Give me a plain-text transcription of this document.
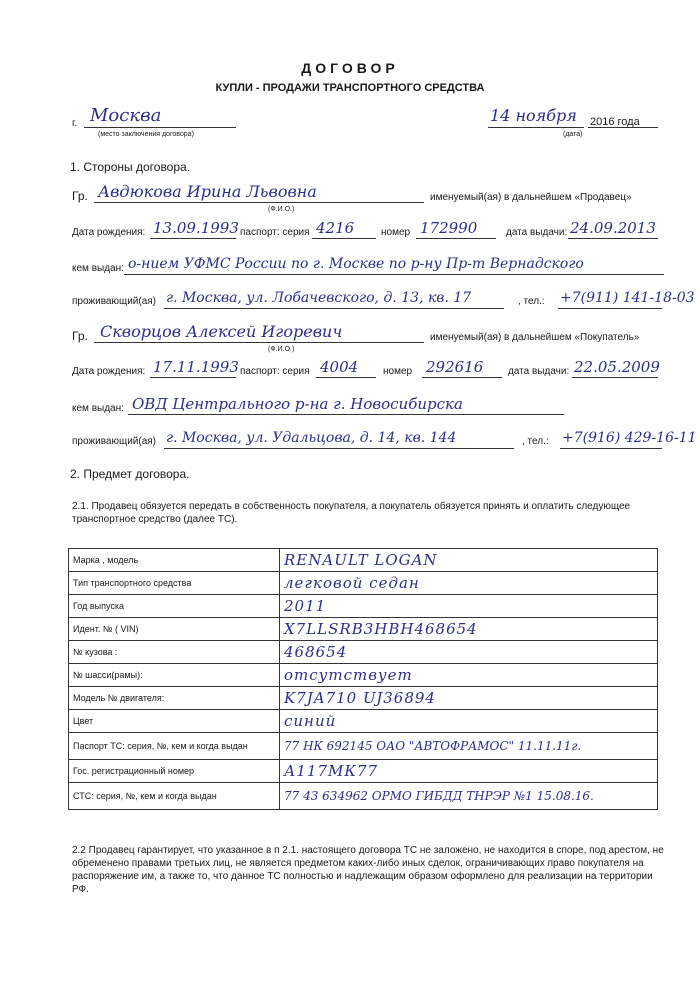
ДОГОВОР
КУПЛИ - ПРОДАЖИ ТРАНСПОРТНОГО СРЕДСТВА
г. Москва
(место заключения договора)
14 ноября 2016 года
(дата)
1. Стороны договора.
Гр. Авдюкова Ирина Львовна
(Ф.И.О.)
именуемый(ая) в дальнейшем «Продавец»
Дата рождения: 13.09.1993 паспорт: серия 4216	номер 172990	дата выдачи: 24.09.2013
кем выдан: о-нием УФМС России по г. Москве по р-ну Пр-т Вернадского
проживающий(ая) г. Москва, ул. Лобачевского, д. 13, кв. 17	, тел.: +7(911) 141-18-03
Гр. Скворцов Алексей Игоревич
(Ф.И.О.)
именуемый(ая) в дальнейшем «Покупатель»
Дата рождения: 17.11.1993 паспорт: серия 4004 номер 292616 дата выдачи: 22.05.2009
кем выдан: ОВД Центрального р-на г. Новосибирска
проживающий(ая) г. Москва, ул. Удальцова, д. 14, кв. 144	, тел.: +7(916) 429-16-11
2. Предмет договора.
2.1. Продавец обязуется передать в собственность покупателя, а покупатель обязуется принять и оплатить следующее транспортное средство (далее ТС).
Марка , модель	RENAULT LOGAN
Тип транспортного средства	легковой седан
Год выпуска	2011
Идент. № ( VIN)	X7LLSRB3HBH468654
№ кузова :	468654
№ шасси(рамы):	отсутствует
Модель № двигателя:	K7JA710 UJ36894
Цвет	синий
Паспорт ТС: серия, №, кем и когда выдан	77 НК 692145 ОАО "АВТОФРАМОС" 11.11.11г.
Гос. регистрационный номер	А117МК77
СТС: серия, №, кем и когда выдан	77 43 634962 ОРМО ГИБДД ТНРЭР №1 15.08.16.
2.2 Продавец гарантирует, что указанное в п 2.1. настоящего договора ТС не заложено, не находится в споре, под арестом, не обременено правами третьих лиц, не является предметом каких-либо иных сделок, ограничивающих право покупателя на распоряжение им, а также то, что данное ТС полностью и надлежащим образом оформлено для реализации на территории РФ.
